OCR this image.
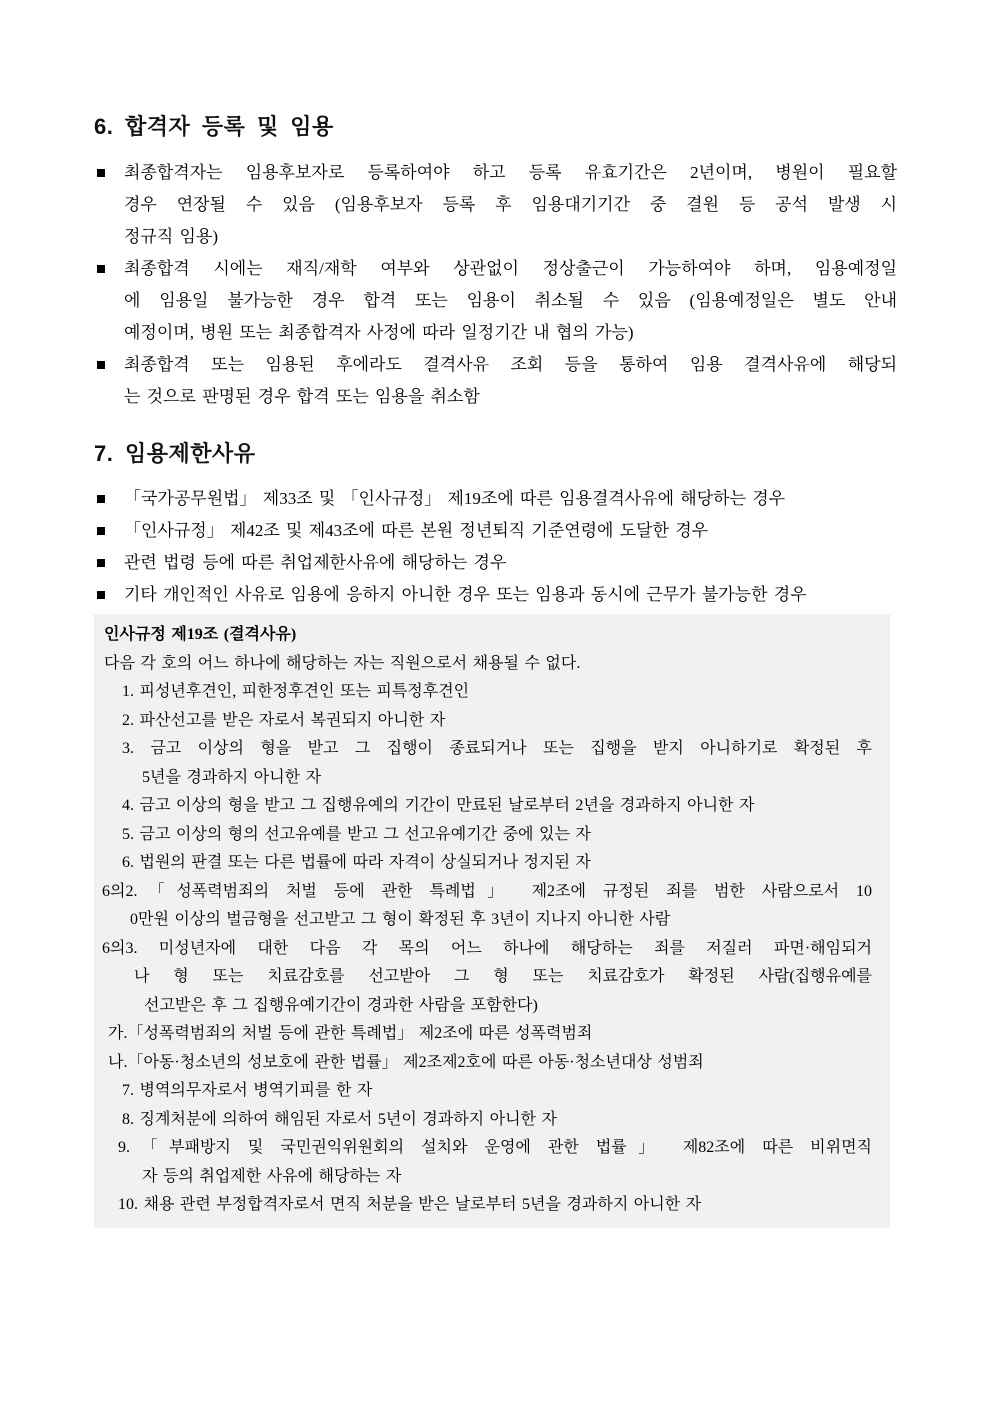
6. 합격자 등록 및 임용
최종합격자는 임용후보자로 등록하여야 하고 등록 유효기간은 2년이며, 병원이 필요할
경우 연장될 수 있음 (임용후보자 등록 후 임용대기기간 중 결원 등 공석 발생 시
정규직 임용)
최종합격 시에는 재직/재학 여부와 상관없이 정상출근이 가능하여야 하며, 임용예정일
에 임용일 불가능한 경우 합격 또는 임용이 취소될 수 있음 (임용예정일은 별도 안내
예정이며, 병원 또는 최종합격자 사정에 따라 일정기간 내 협의 가능)
최종합격 또는 임용된 후에라도 결격사유 조회 등을 통하여 임용 결격사유에 해당되
는 것으로 판명된 경우 합격 또는 임용을 취소함
7. 임용제한사유
「국가공무원법」 제33조 및 「인사규정」 제19조에 따른 임용결격사유에 해당하는 경우
「인사규정」 제42조 및 제43조에 따른 본원 정년퇴직 기준연령에 도달한 경우
관련 법령 등에 따른 취업제한사유에 해당하는 경우
기타 개인적인 사유로 임용에 응하지 아니한 경우 또는 임용과 동시에 근무가 불가능한 경우
인사규정 제19조 (결격사유)
다음 각 호의 어느 하나에 해당하는 자는 직원으로서 채용될 수 없다.
1. 피성년후견인, 피한정후견인 또는 피특정후견인
2. 파산선고를 받은 자로서 복권되지 아니한 자
3. 금고 이상의 형을 받고 그 집행이 종료되거나 또는 집행을 받지 아니하기로 확정된 후
5년을 경과하지 아니한 자
4. 금고 이상의 형을 받고 그 집행유예의 기간이 만료된 날로부터 2년을 경과하지 아니한 자
5. 금고 이상의 형의 선고유예를 받고 그 선고유예기간 중에 있는 자
6. 법원의 판결 또는 다른 법률에 따라 자격이 상실되거나 정지된 자
6의2.「성폭력범죄의 처벌 등에 관한 특례법」 제2조에 규정된 죄를 범한 사람으로서 10
0만원 이상의 벌금형을 선고받고 그 형이 확정된 후 3년이 지나지 아니한 사람
6의3. 미성년자에 대한 다음 각 목의 어느 하나에 해당하는 죄를 저질러 파면·해임되거
나 형 또는 치료감호를 선고받아 그 형 또는 치료감호가 확정된 사람(집행유예를
선고받은 후 그 집행유예기간이 경과한 사람을 포함한다)
가.「성폭력범죄의 처벌 등에 관한 특례법」 제2조에 따른 성폭력범죄
나.「아동·청소년의 성보호에 관한 법률」 제2조제2호에 따른 아동·청소년대상 성범죄
7. 병역의무자로서 병역기피를 한 자
8. 징계처분에 의하여 해임된 자로서 5년이 경과하지 아니한 자
9.「부패방지 및 국민권익위원회의 설치와 운영에 관한 법률」 제82조에 따른 비위면직
자 등의 취업제한 사유에 해당하는 자
10. 채용 관련 부정합격자로서 면직 처분을 받은 날로부터 5년을 경과하지 아니한 자
